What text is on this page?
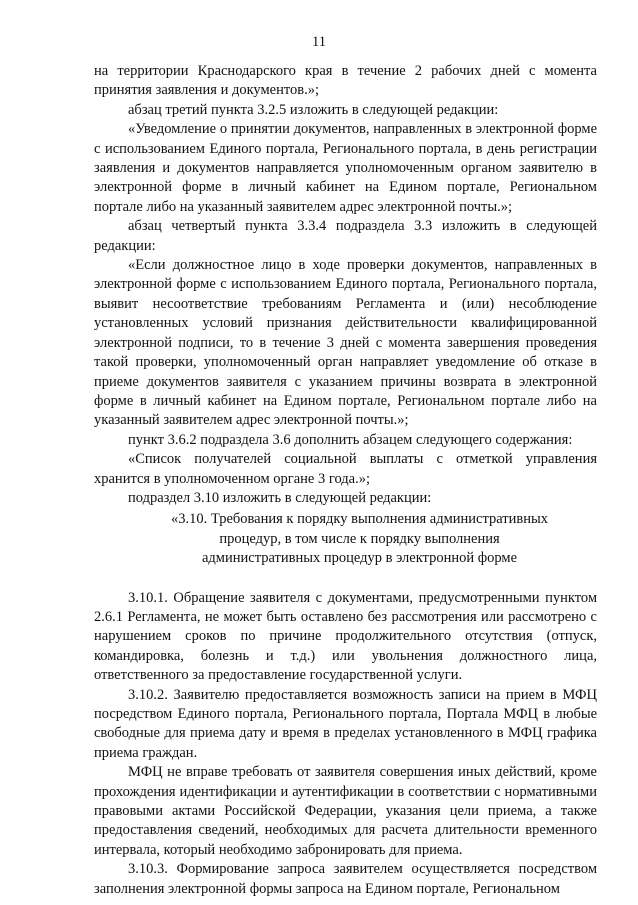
11

на территории Краснодарского края в течение 2 рабочих дней с момента принятия заявления и документов.»;

абзац третий пункта 3.2.5 изложить в следующей редакции:

«Уведомление о принятии документов, направленных в электронной форме с использованием Единого портала, Регионального портала, в день регистрации заявления и документов направляется уполномоченным органом заявителю в электронной форме в личный кабинет на Едином портале, Региональном портале либо на указанный заявителем адрес электронной почты.»;

абзац четвертый пункта 3.3.4 подраздела 3.3 изложить в следующей редакции:

«Если должностное лицо в ходе проверки документов, направленных в электронной форме с использованием Единого портала, Регионального портала, выявит несоответствие требованиям Регламента и (или) несоблюдение установленных условий признания действительности квалифицированной электронной подписи, то в течение 3 дней с момента завершения проведения такой проверки, уполномоченный орган направляет уведомление об отказе в приеме документов заявителя с указанием причины возврата в электронной форме в личный кабинет на Едином портале, Региональном портале либо на указанный заявителем адрес электронной почты.»;

пункт 3.6.2 подраздела 3.6 дополнить абзацем следующего содержания:

«Список получателей социальной выплаты с отметкой управления хранится в уполномоченном органе 3 года.»;

подраздел 3.10 изложить в следующей редакции:

«3.10. Требования к порядку выполнения административных
процедур, в том числе к порядку выполнения
административных процедур в электронной форме

3.10.1. Обращение заявителя с документами, предусмотренными пунктом 2.6.1 Регламента, не может быть оставлено без рассмотрения или рассмотрено с нарушением сроков по причине продолжительного отсутствия (отпуск, командировка, болезнь и т.д.) или увольнения должностного лица, ответственного за предоставление государственной услуги.

3.10.2. Заявителю предоставляется возможность записи на прием в МФЦ посредством Единого портала, Регионального портала, Портала МФЦ в любые свободные для приема дату и время в пределах установленного в МФЦ графика приема граждан.

МФЦ не вправе требовать от заявителя совершения иных действий, кроме прохождения идентификации и аутентификации в соответствии с нормативными правовыми актами Российской Федерации, указания цели приема, а также предоставления сведений, необходимых для расчета длительности временного интервала, который необходимо забронировать для приема.

3.10.3. Формирование запроса заявителем осуществляется посредством заполнения электронной формы запроса на Едином портале, Региональном
